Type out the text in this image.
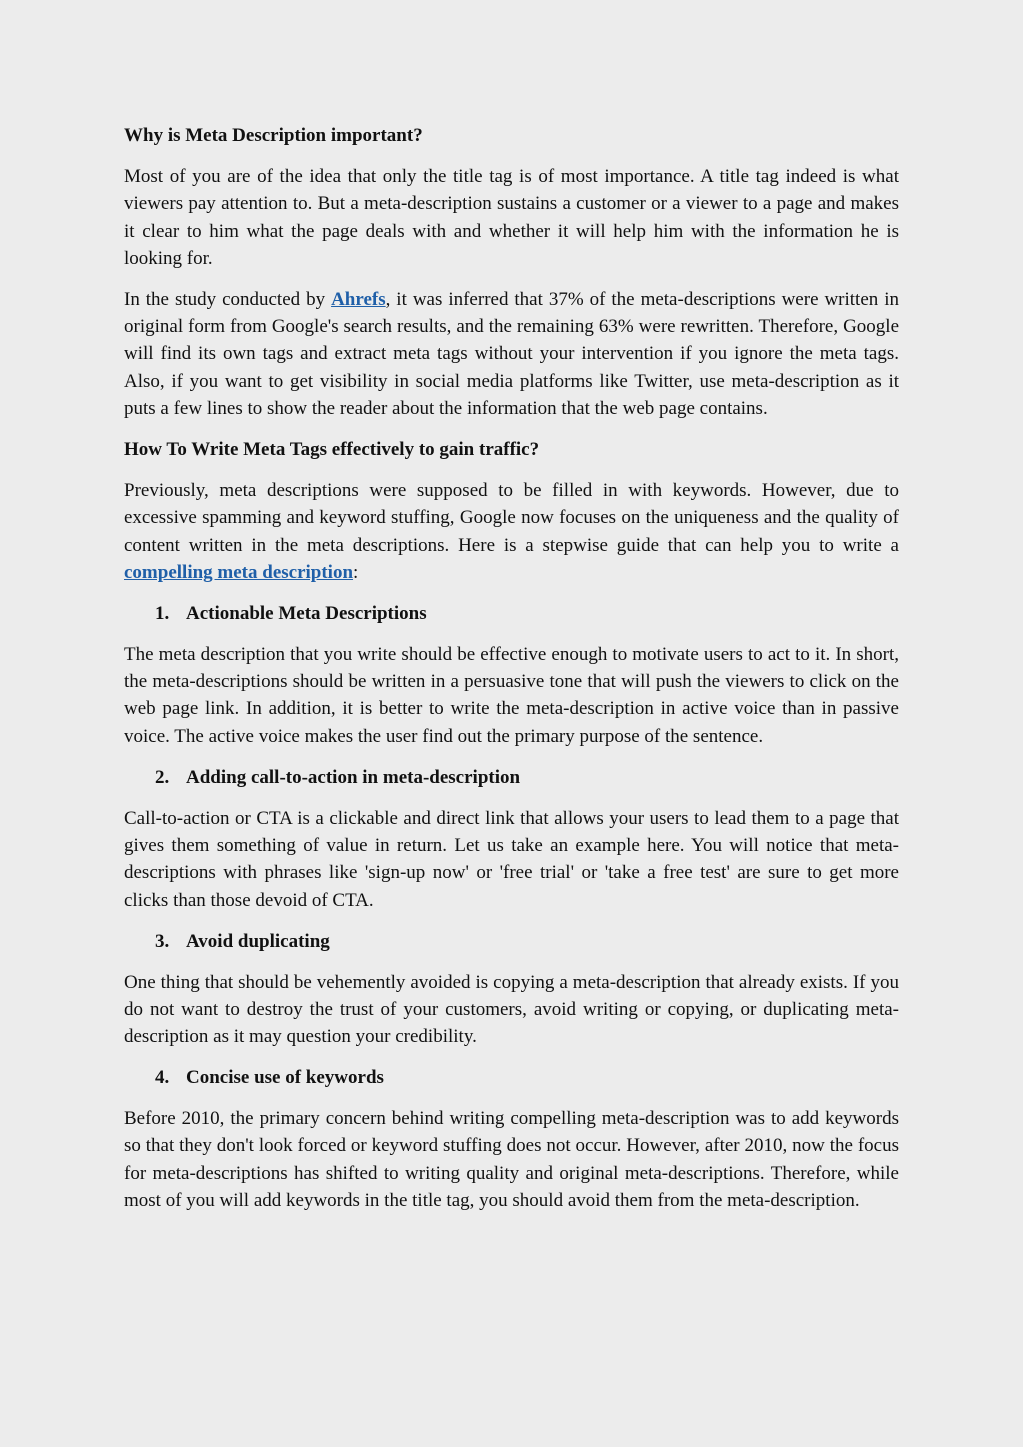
Why is Meta Description important?

Most of you are of the idea that only the title tag is of most importance. A title tag indeed is what viewers pay attention to. But a meta-description sustains a customer or a viewer to a page and makes it clear to him what the page deals with and whether it will help him with the information he is looking for.

In the study conducted by Ahrefs, it was inferred that 37% of the meta-descriptions were written in original form from Google's search results, and the remaining 63% were rewritten. Therefore, Google will find its own tags and extract meta tags without your intervention if you ignore the meta tags. Also, if you want to get visibility in social media platforms like Twitter, use meta-description as it puts a few lines to show the reader about the information that the web page contains.

How To Write Meta Tags effectively to gain traffic?

Previously, meta descriptions were supposed to be filled in with keywords. However, due to excessive spamming and keyword stuffing, Google now focuses on the uniqueness and the quality of content written in the meta descriptions. Here is a stepwise guide that can help you to write a compelling meta description:

1. Actionable Meta Descriptions

The meta description that you write should be effective enough to motivate users to act to it. In short, the meta-descriptions should be written in a persuasive tone that will push the viewers to click on the web page link. In addition, it is better to write the meta-description in active voice than in passive voice. The active voice makes the user find out the primary purpose of the sentence.

2. Adding call-to-action in meta-description

Call-to-action or CTA is a clickable and direct link that allows your users to lead them to a page that gives them something of value in return. Let us take an example here. You will notice that meta-descriptions with phrases like 'sign-up now' or 'free trial' or 'take a free test' are sure to get more clicks than those devoid of CTA.

3. Avoid duplicating

One thing that should be vehemently avoided is copying a meta-description that already exists. If you do not want to destroy the trust of your customers, avoid writing or copying, or duplicating meta-description as it may question your credibility.

4. Concise use of keywords

Before 2010, the primary concern behind writing compelling meta-description was to add keywords so that they don't look forced or keyword stuffing does not occur. However, after 2010, now the focus for meta-descriptions has shifted to writing quality and original meta-descriptions. Therefore, while most of you will add keywords in the title tag, you should avoid them from the meta-description.
